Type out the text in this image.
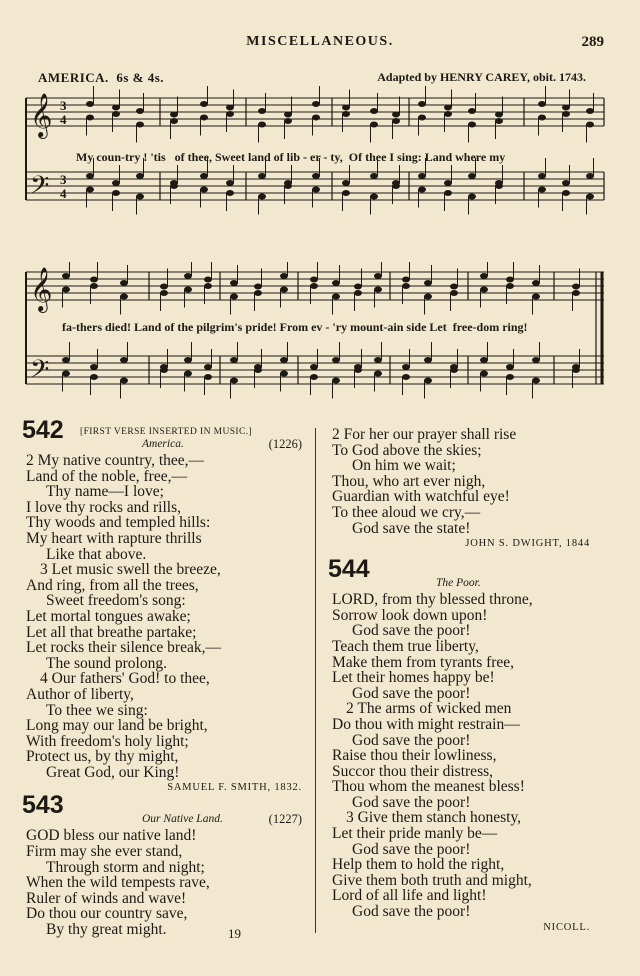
MISCELLANEOUS.	289
AMERICA. 6s & 4s.	Adapted by HENRY CAREY, obit. 1743.
𝄞
𝄢
3
4
3
4
My coun-try ! 'tis of thee, Sweet land of lib - er - ty, Of thee I sing: Land where my
𝄞
𝄢
fa-thers died! Land of the pilgrim's pride! From ev - 'ry mount-ain side Let free-dom ring!
542 [FIRST VERSE INSERTED IN MUSIC.]
America.	(1226)
2 My native country, thee,—
Land of the noble, free,—
Thy name—I love;
I love thy rocks and rills,
Thy woods and templed hills:
My heart with rapture thrills
Like that above.
3 Let music swell the breeze,
And ring, from all the trees,
Sweet freedom's song:
Let mortal tongues awake;
Let all that breathe partake;
Let rocks their silence break,—
The sound prolong.
4 Our fathers' God! to thee,
Author of liberty,
To thee we sing:
Long may our land be bright,
With freedom's holy light;
Protect us, by thy might,
Great God, our King!
SAMUEL F. SMITH, 1832.
543	Our Native Land.	(1227)
GOD bless our native land!
Firm may she ever stand,
Through storm and night;
When the wild tempests rave,
Ruler of winds and wave!
Do thou our country save,
By thy great might.
2 For her our prayer shall rise
To God above the skies;
On him we wait;
Thou, who art ever nigh,
Guardian with watchful eye!
To thee aloud we cry,—
God save the state!
JOHN S. DWIGHT, 1844
544	The Poor.
LORD, from thy blessed throne,
Sorrow look down upon!
God save the poor!
Teach them true liberty,
Make them from tyrants free,
Let their homes happy be!
God save the poor!
2 The arms of wicked men
Do thou with might restrain—
God save the poor!
Raise thou their lowliness,
Succor thou their distress,
Thou whom the meanest bless!
God save the poor!
3 Give them stanch honesty,
Let their pride manly be—
God save the poor!
Help them to hold the right,
Give them both truth and might,
Lord of all life and light!
God save the poor!
NICOLL.
19
